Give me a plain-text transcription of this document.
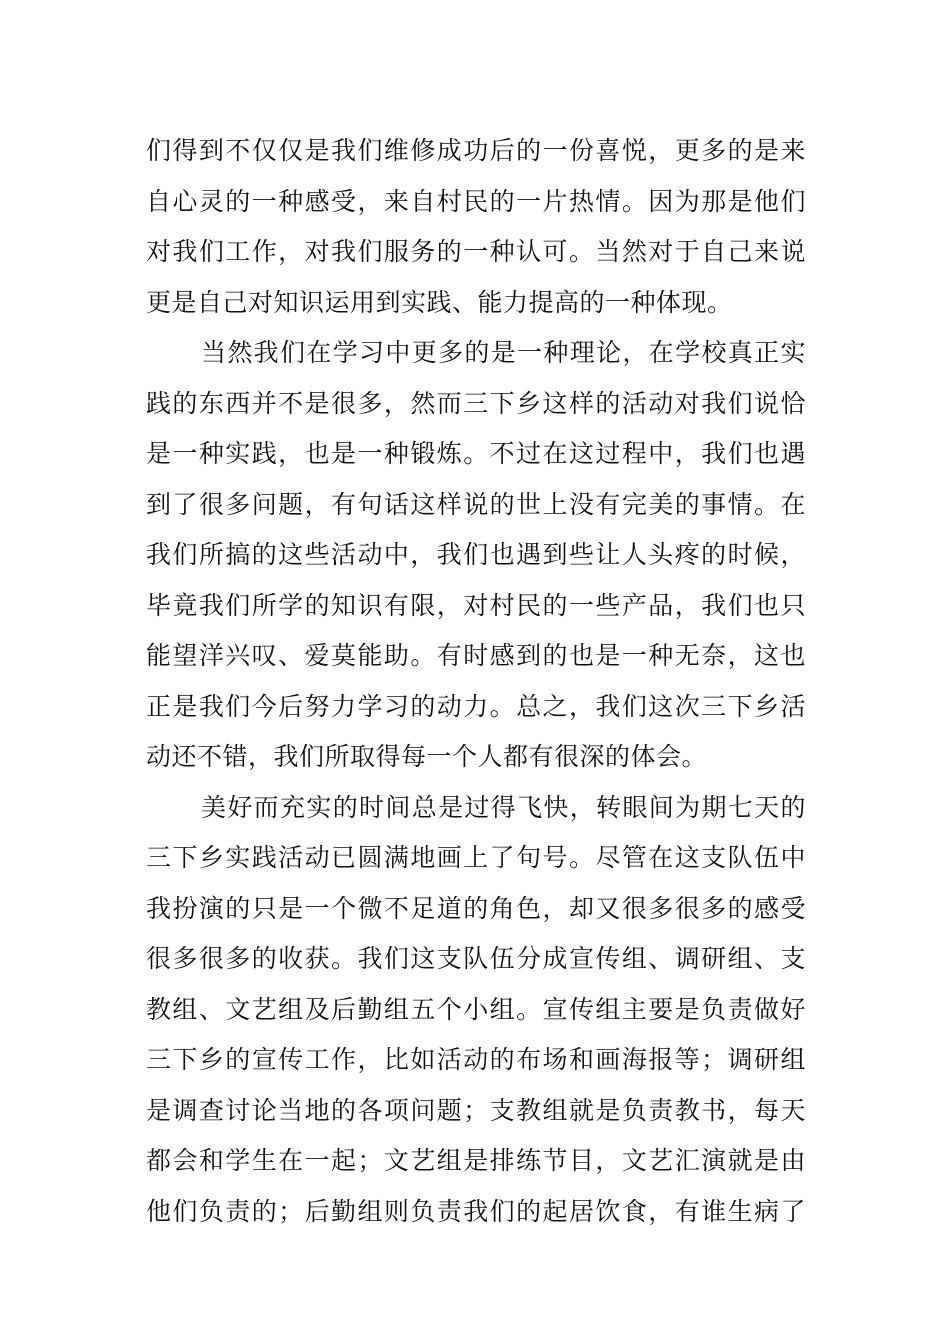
们得到不仅仅是我们维修成功后的一份喜悦，更多的是来
自心灵的一种感受，来自村民的一片热情。因为那是他们
对我们工作，对我们服务的一种认可。当然对于自己来说
更是自己对知识运用到实践、能力提高的一种体现。
当然我们在学习中更多的是一种理论，在学校真正实
践的东西并不是很多，然而三下乡这样的活动对我们说恰
是一种实践，也是一种锻炼。不过在这过程中，我们也遇
到了很多问题，有句话这样说的世上没有完美的事情。在
我们所搞的这些活动中，我们也遇到些让人头疼的时候，
毕竟我们所学的知识有限，对村民的一些产品，我们也只
能望洋兴叹、爱莫能助。有时感到的也是一种无奈，这也
正是我们今后努力学习的动力。总之，我们这次三下乡活
动还不错，我们所取得每一个人都有很深的体会。
美好而充实的时间总是过得飞快，转眼间为期七天的
三下乡实践活动已圆满地画上了句号。尽管在这支队伍中
我扮演的只是一个微不足道的角色，却又很多很多的感受
很多很多的收获。我们这支队伍分成宣传组、调研组、支
教组、文艺组及后勤组五个小组。宣传组主要是负责做好
三下乡的宣传工作，比如活动的布场和画海报等；调研组
是调查讨论当地的各项问题；支教组就是负责教书，每天
都会和学生在一起；文艺组是排练节目，文艺汇演就是由
他们负责的；后勤组则负责我们的起居饮食，有谁生病了
